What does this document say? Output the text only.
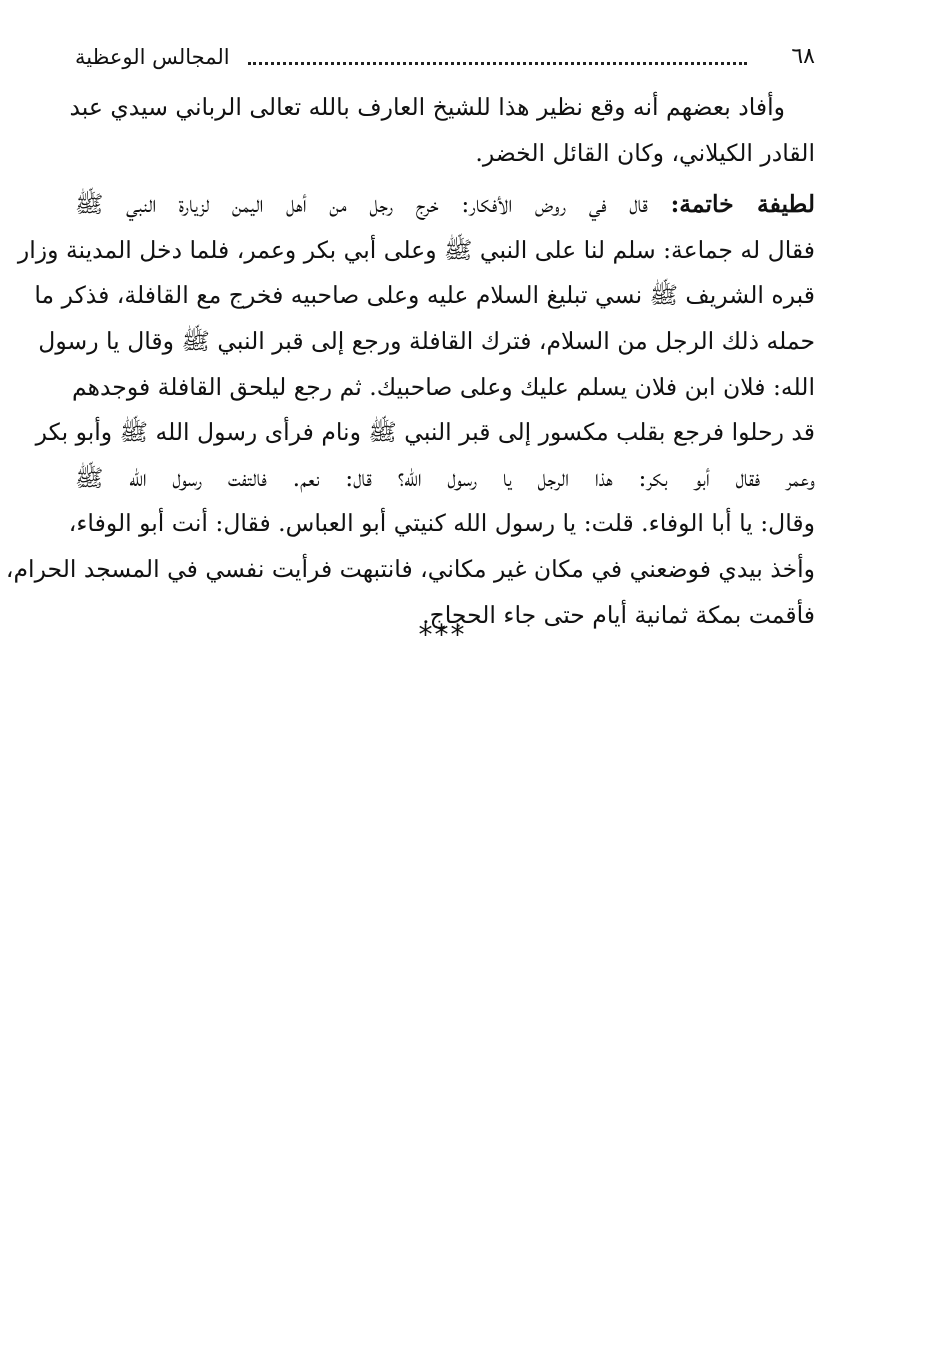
٦٨
المجالس الوعظية
وأفاد بعضهم أنه وقع نظير هذا للشيخ العارف بالله تعالى الرباني سيدي عبد
القادر الكيلاني، وكان القائل الخضر.
لطيفة خاتمة: قال في روض الأفكار: خرج رجل من أهل اليمن لزيارة النبي ﷺ
فقال له جماعة: سلم لنا على النبي ﷺ وعلى أبي بكر وعمر، فلما دخل المدينة وزار
قبره الشريف ﷺ نسي تبليغ السلام عليه وعلى صاحبيه فخرج مع القافلة، فذكر ما
حمله ذلك الرجل من السلام، فترك القافلة ورجع إلى قبر النبي ﷺ وقال يا رسول
الله: فلان ابن فلان يسلم عليك وعلى صاحبيك. ثم رجع ليلحق القافلة فوجدهم
قد رحلوا فرجع بقلب مكسور إلى قبر النبي ﷺ ونام فرأى رسول الله ﷺ وأبو بكر
وعمر فقال أبو بكر: هذا الرجل يا رسول الله؟ قال: نعم. فالتفت رسول الله ﷺ
وقال: يا أبا الوفاء. قلت: يا رسول الله كنيتي أبو العباس. فقال: أنت أبو الوفاء،
وأخذ بيدي فوضعني في مكان غير مكاني، فانتبهت فرأيت نفسي في المسجد الحرام،
فأقمت بمكة ثمانية أيام حتى جاء الحجاج.
***
